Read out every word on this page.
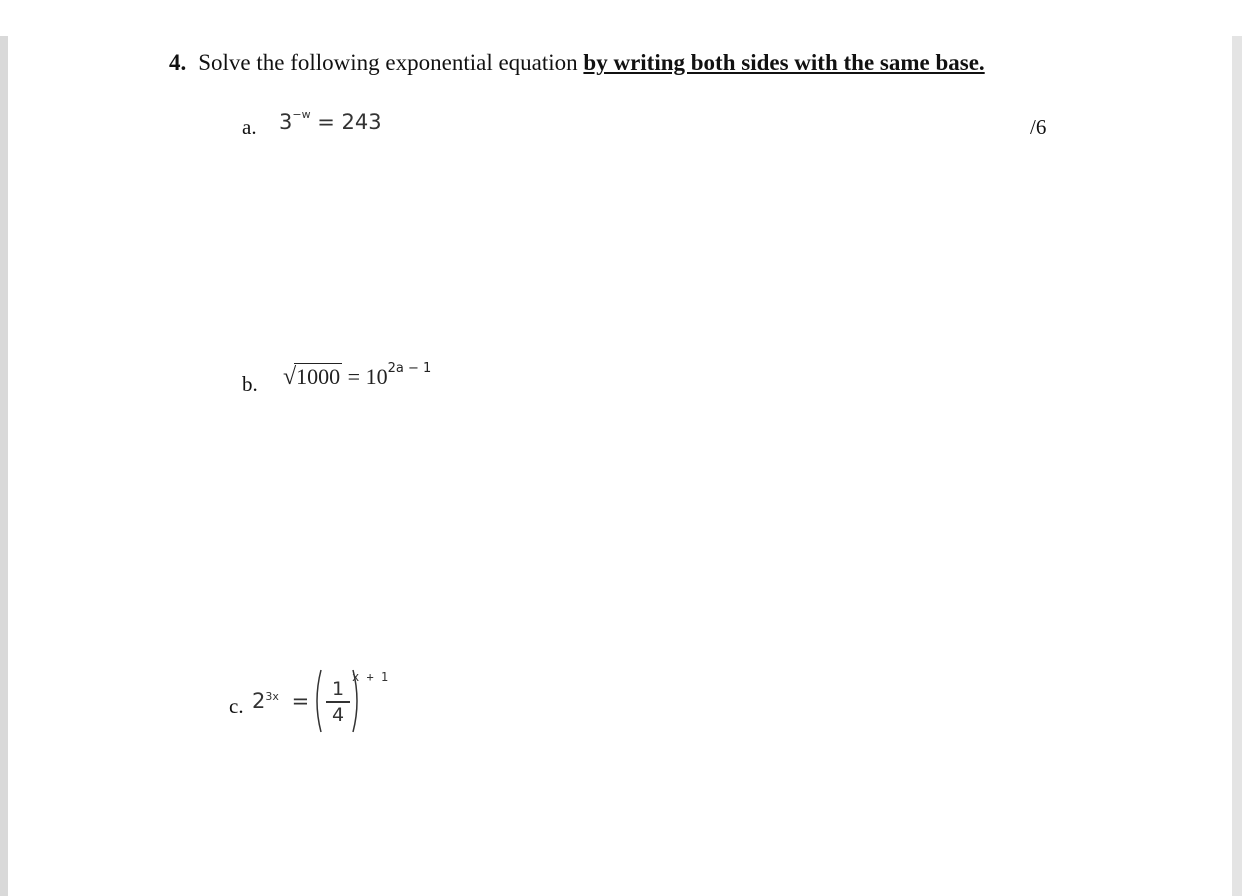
4. Solve the following exponential equation by writing both sides with the same base.
a. $3^{-w} = 243$	/6
b. $√1000 = 10^{2a - 1}$
c. $2^{3x}$ =	1
4
x + 1
